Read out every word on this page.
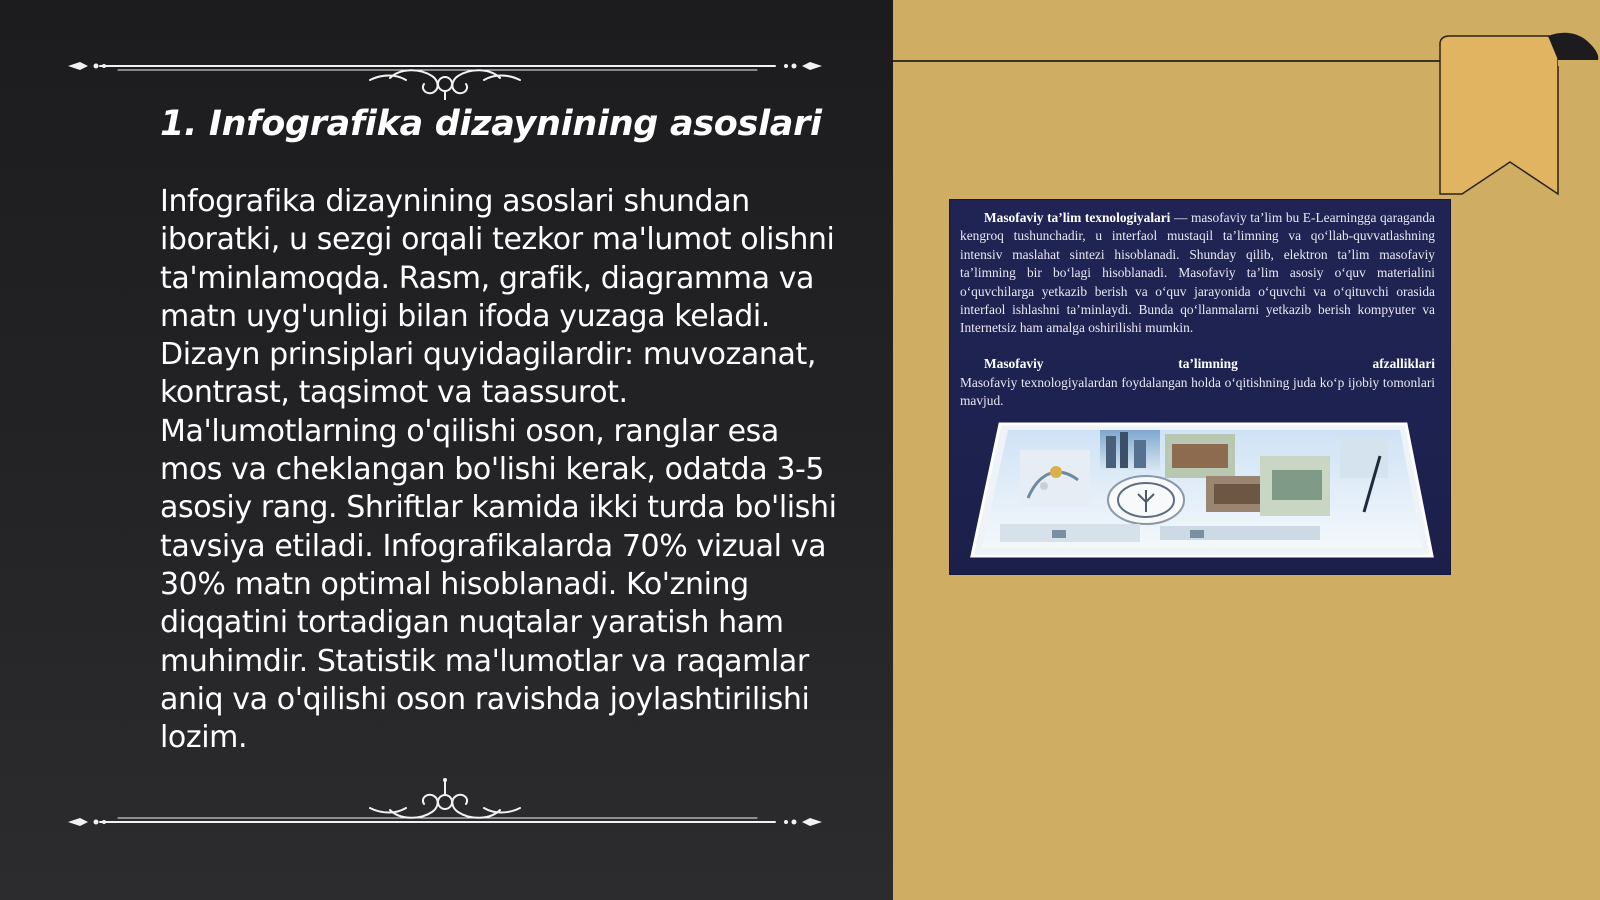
1. Infografika dizaynining asoslari

Infografika dizaynining asoslari shundan iboratki, u sezgi orqali tezkor ma'lumot olishni ta'minlamoqda. Rasm, grafik, diagramma va matn uyg'unligi bilan ifoda yuzaga keladi. Dizayn prinsiplari quyidagilardir: muvozanat, kontrast, taqsimot va taassurot. Ma'lumotlarning o'qilishi oson, ranglar esa mos va cheklangan bo'lishi kerak, odatda 3-5 asosiy rang. Shriftlar kamida ikki turda bo'lishi tavsiya etiladi. Infografikalarda 70% vizual va 30% matn optimal hisoblanadi. Ko'zning diqqatini tortadigan nuqtalar yaratish ham muhimdir. Statistik ma'lumotlar va raqamlar aniq va o'qilishi oson ravishda joylashtirilishi lozim.

Masofaviy ta’lim texnologiyalari — masofaviy ta’lim bu E-Learningga qaraganda kengroq tushunchadir, u interfaol mustaqil ta’limning va qo‘llab-quvvatlashning intensiv maslahat sintezi hisoblanadi. Shunday qilib, elektron ta’lim masofaviy ta’limning bir bo‘lagi hisoblanadi. Masofaviy ta’lim asosiy o‘quv materialini o‘quvchilarga yetkazib berish va o‘quv jarayonida o‘quvchi va o‘qituvchi orasida interfaol ishlashni ta’minlaydi. Bunda qo‘llanmalarni yetkazib berish kompyuter va Internetsiz ham amalga oshirilishi mumkin.

Masofaviy	ta’limning	afzalliklari

Masofaviy texnologiyalardan foydalangan holda o‘qitishning juda ko‘p ijobiy tomonlari mavjud.
